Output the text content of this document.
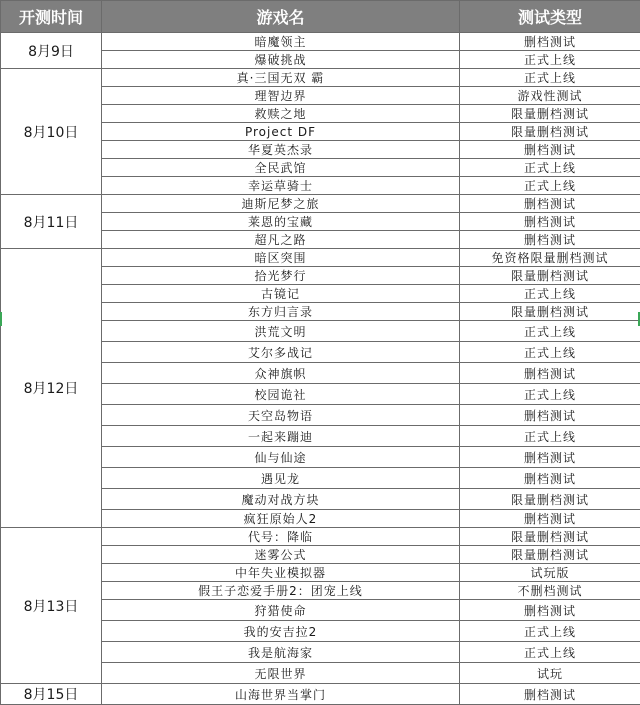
开测时间	游戏名	测试类型
8月9日	暗魔领主	删档测试
	爆破挑战	正式上线
8月10日	真·三国无双 霸	正式上线
	理智边界	游戏性测试
	救赎之地	限量删档测试
	Project DF	限量删档测试
	华夏英杰录	删档测试
	全民武馆	正式上线
	幸运草骑士	正式上线
8月11日	迪斯尼梦之旅	删档测试
	莱恩的宝藏	删档测试
	超凡之路	删档测试
8月12日	暗区突围	免资格限量删档测试
	拾光梦行	限量删档测试
	古镜记	正式上线
	东方归言录	限量删档测试
	洪荒文明	正式上线
	艾尔多战记	正式上线
	众神旗帜	删档测试
	校园诡社	正式上线
	天空岛物语	删档测试
	一起来蹦迪	正式上线
	仙与仙途	删档测试
	遇见龙	删档测试
	魔动对战方块	限量删档测试
	疯狂原始人2	删档测试
8月13日	代号：降临	限量删档测试
	迷雾公式	限量删档测试
	中年失业模拟器	试玩版
	假王子恋爱手册2：团宠上线	不删档测试
	狩猎使命	删档测试
	我的安吉拉2	正式上线
	我是航海家	正式上线
	无限世界	试玩
8月15日	山海世界当掌门	删档测试
